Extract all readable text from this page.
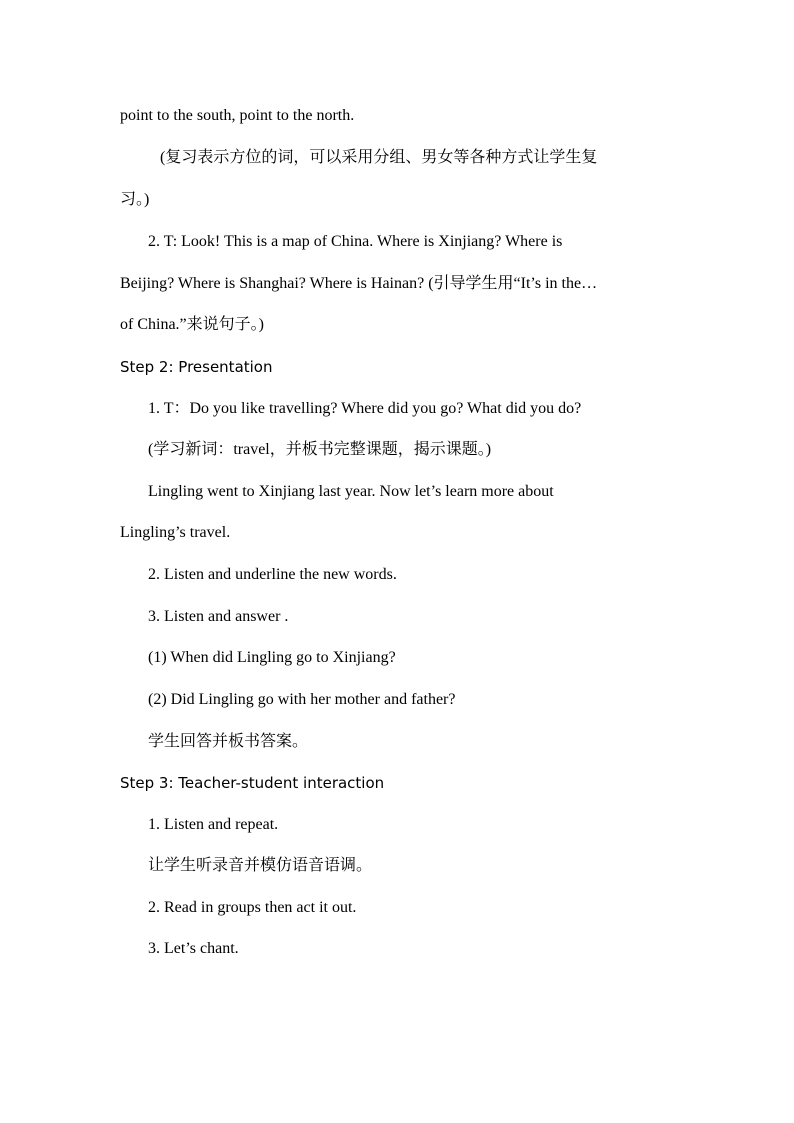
point to the south, point to the north.
(复习表示方位的词，可以采用分组、男女等各种方式让学生复
习。)
2. T: Look! This is a map of China. Where is Xinjiang? Where is
Beijing? Where is Shanghai? Where is Hainan? (引导学生用“It’s in the…
of China.”来说句子。)
Step 2: Presentation
1. T：Do you like travelling? Where did you go? What did you do?
(学习新词：travel，并板书完整课题，揭示课题。)
Lingling went to Xinjiang last year. Now let’s learn more about
Lingling’s travel.
2. Listen and underline the new words.
3. Listen and answer .
(1) When did Lingling go to Xinjiang?
(2) Did Lingling go with her mother and father?
学生回答并板书答案。
Step 3: Teacher-student interaction
1. Listen and repeat.
让学生听录音并模仿语音语调。
2. Read in groups then act it out.
3. Let’s chant.
